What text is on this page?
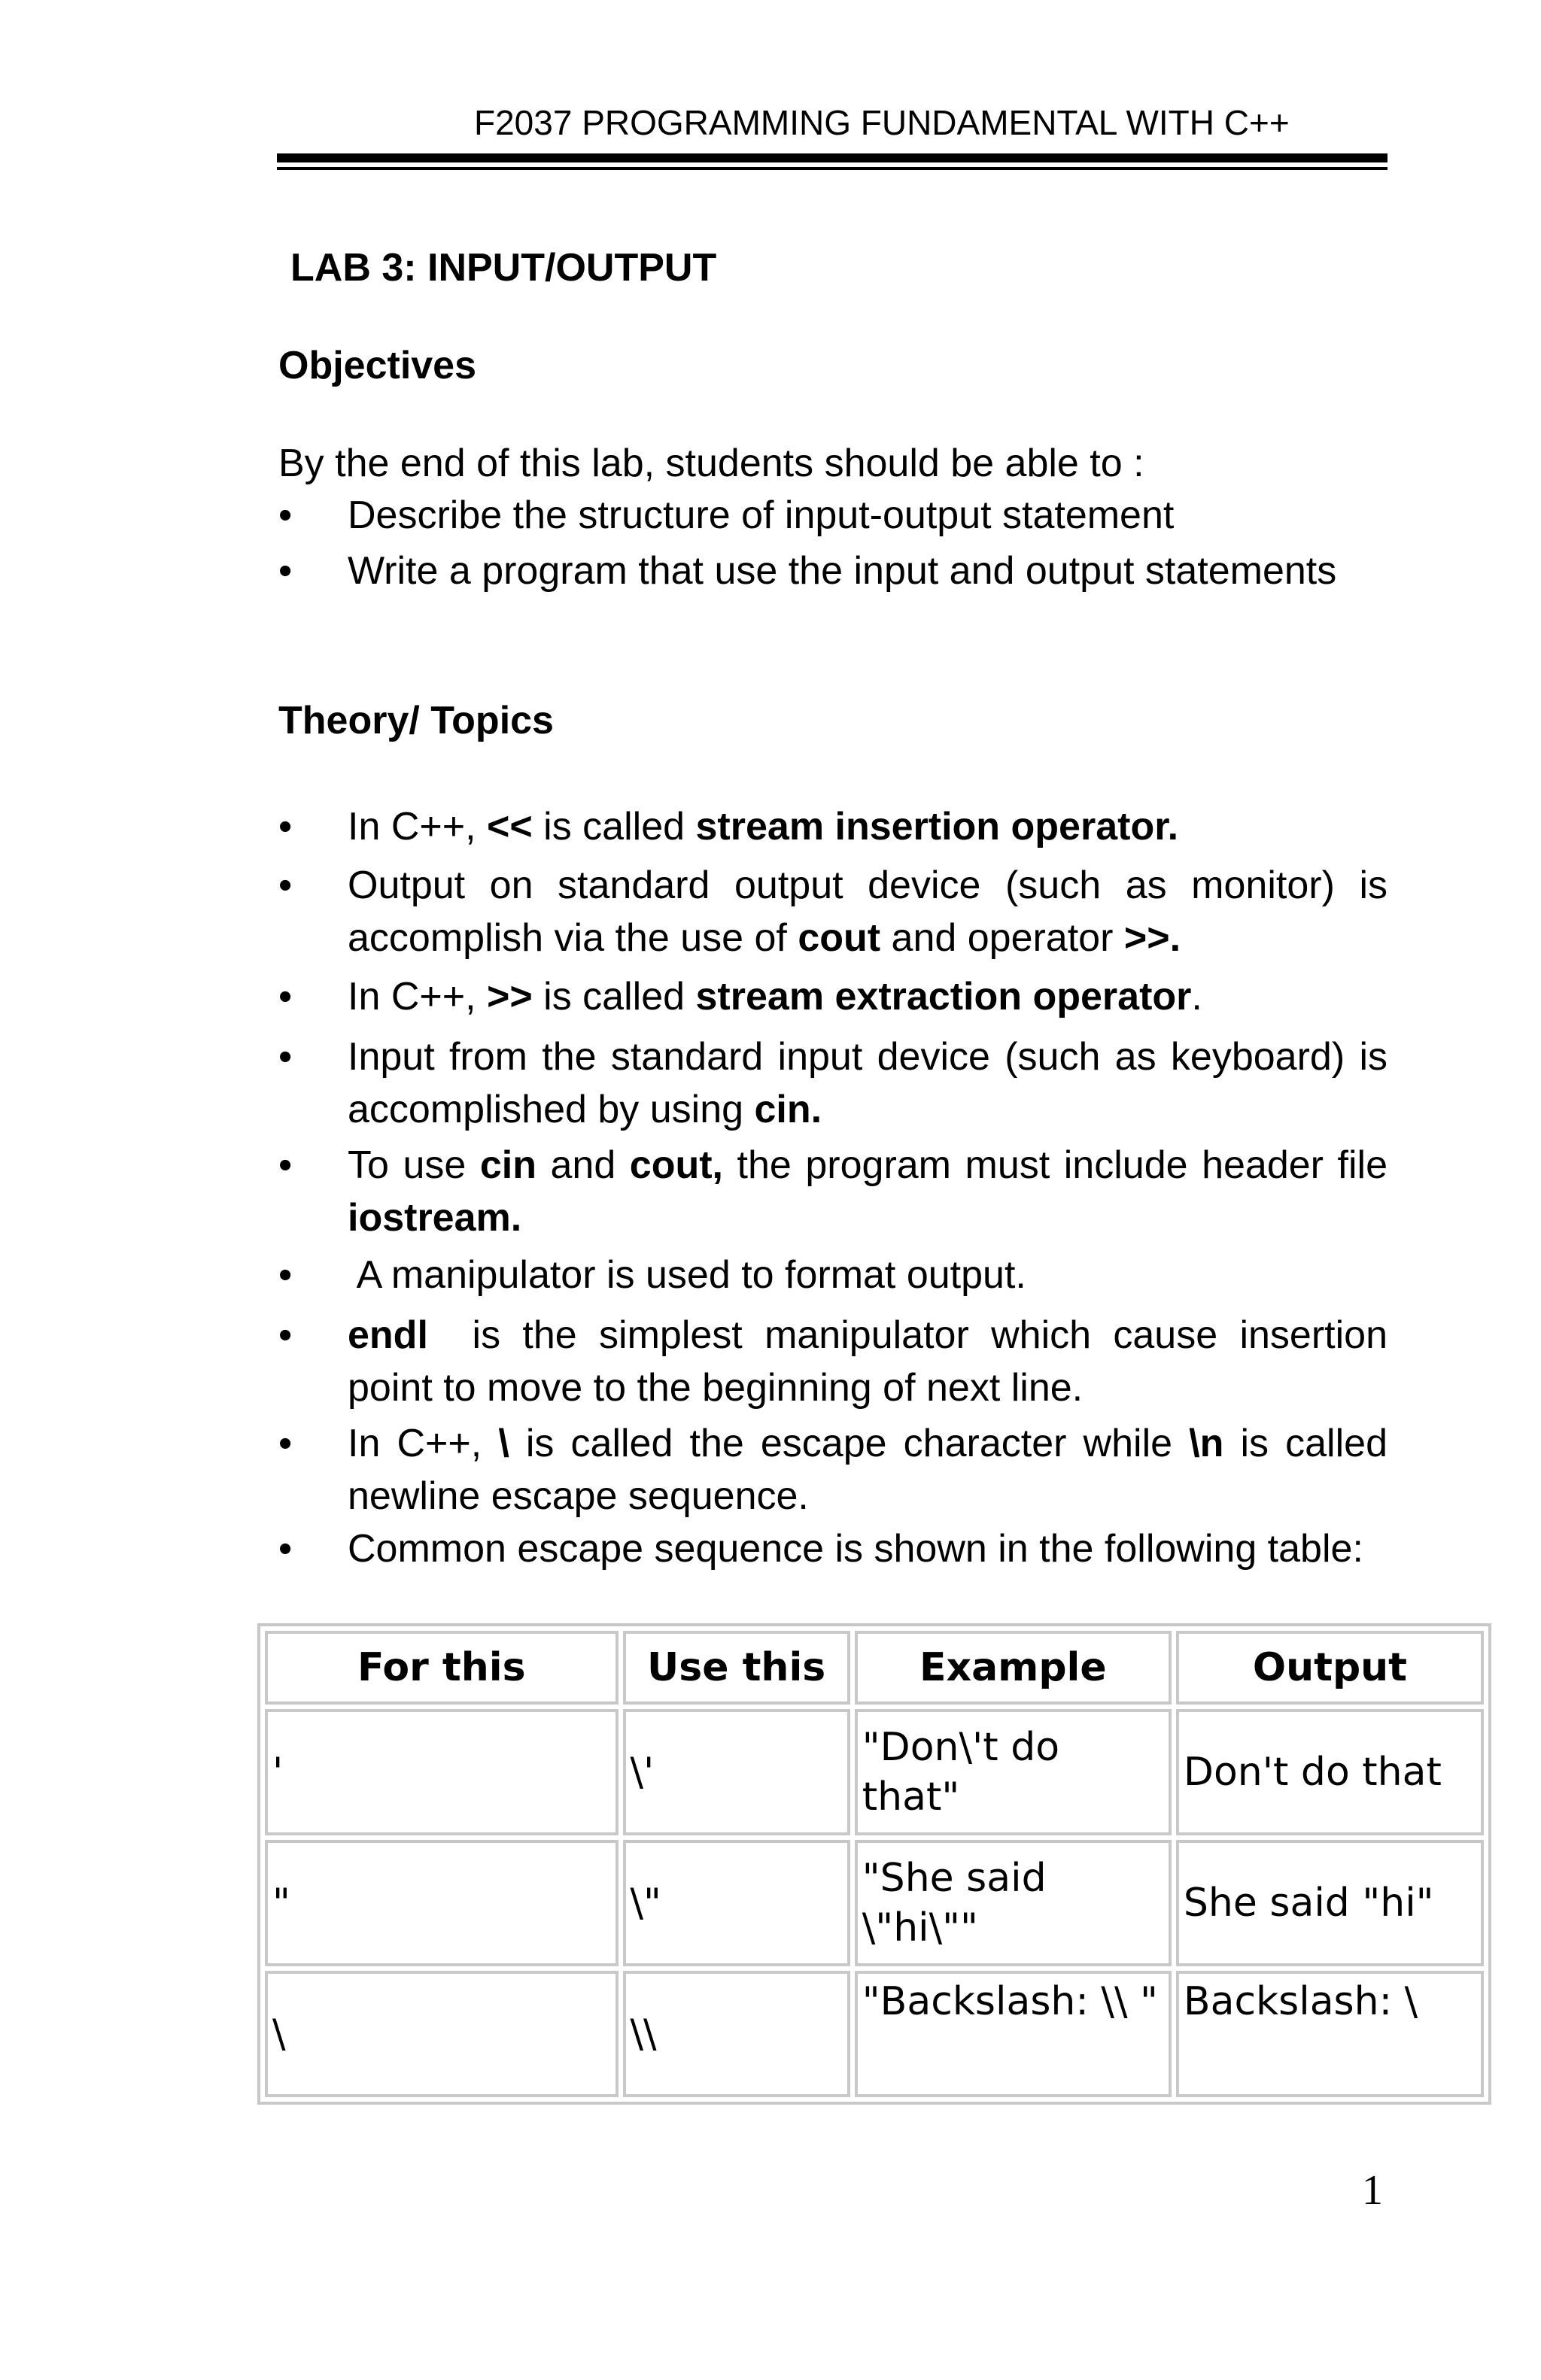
F2037 PROGRAMMING FUNDAMENTAL WITH C++
LAB 3: INPUT/OUTPUT
Objectives
By the end of this lab, students should be able to :
•	Describe the structure of input-output statement
•	Write a program that use the input and output statements
Theory/ Topics
•	In C++, << is called stream insertion operator.
•	Output on standard output device (such as monitor) is accomplish via the use of cout and operator >>.
•	In C++, >> is called stream extraction operator.
•	Input from the standard input device (such as keyboard) is accomplished by using cin.
•	To use cin and cout, the program must include header file iostream.
•	A manipulator is used to format output.
•	endl  is the simplest manipulator which cause insertion point to move to the beginning of next line.
•	In C++, \ is called the escape character while \n is called newline escape sequence.
•	Common escape sequence is shown in the following table:
For this	Use this	Example	Output
'	\'	"Don\'t do that"	Don't do that
"	\"	"She said \"hi\""	She said "hi"
\	\\	"Backslash: \\ "	Backslash: \
1
